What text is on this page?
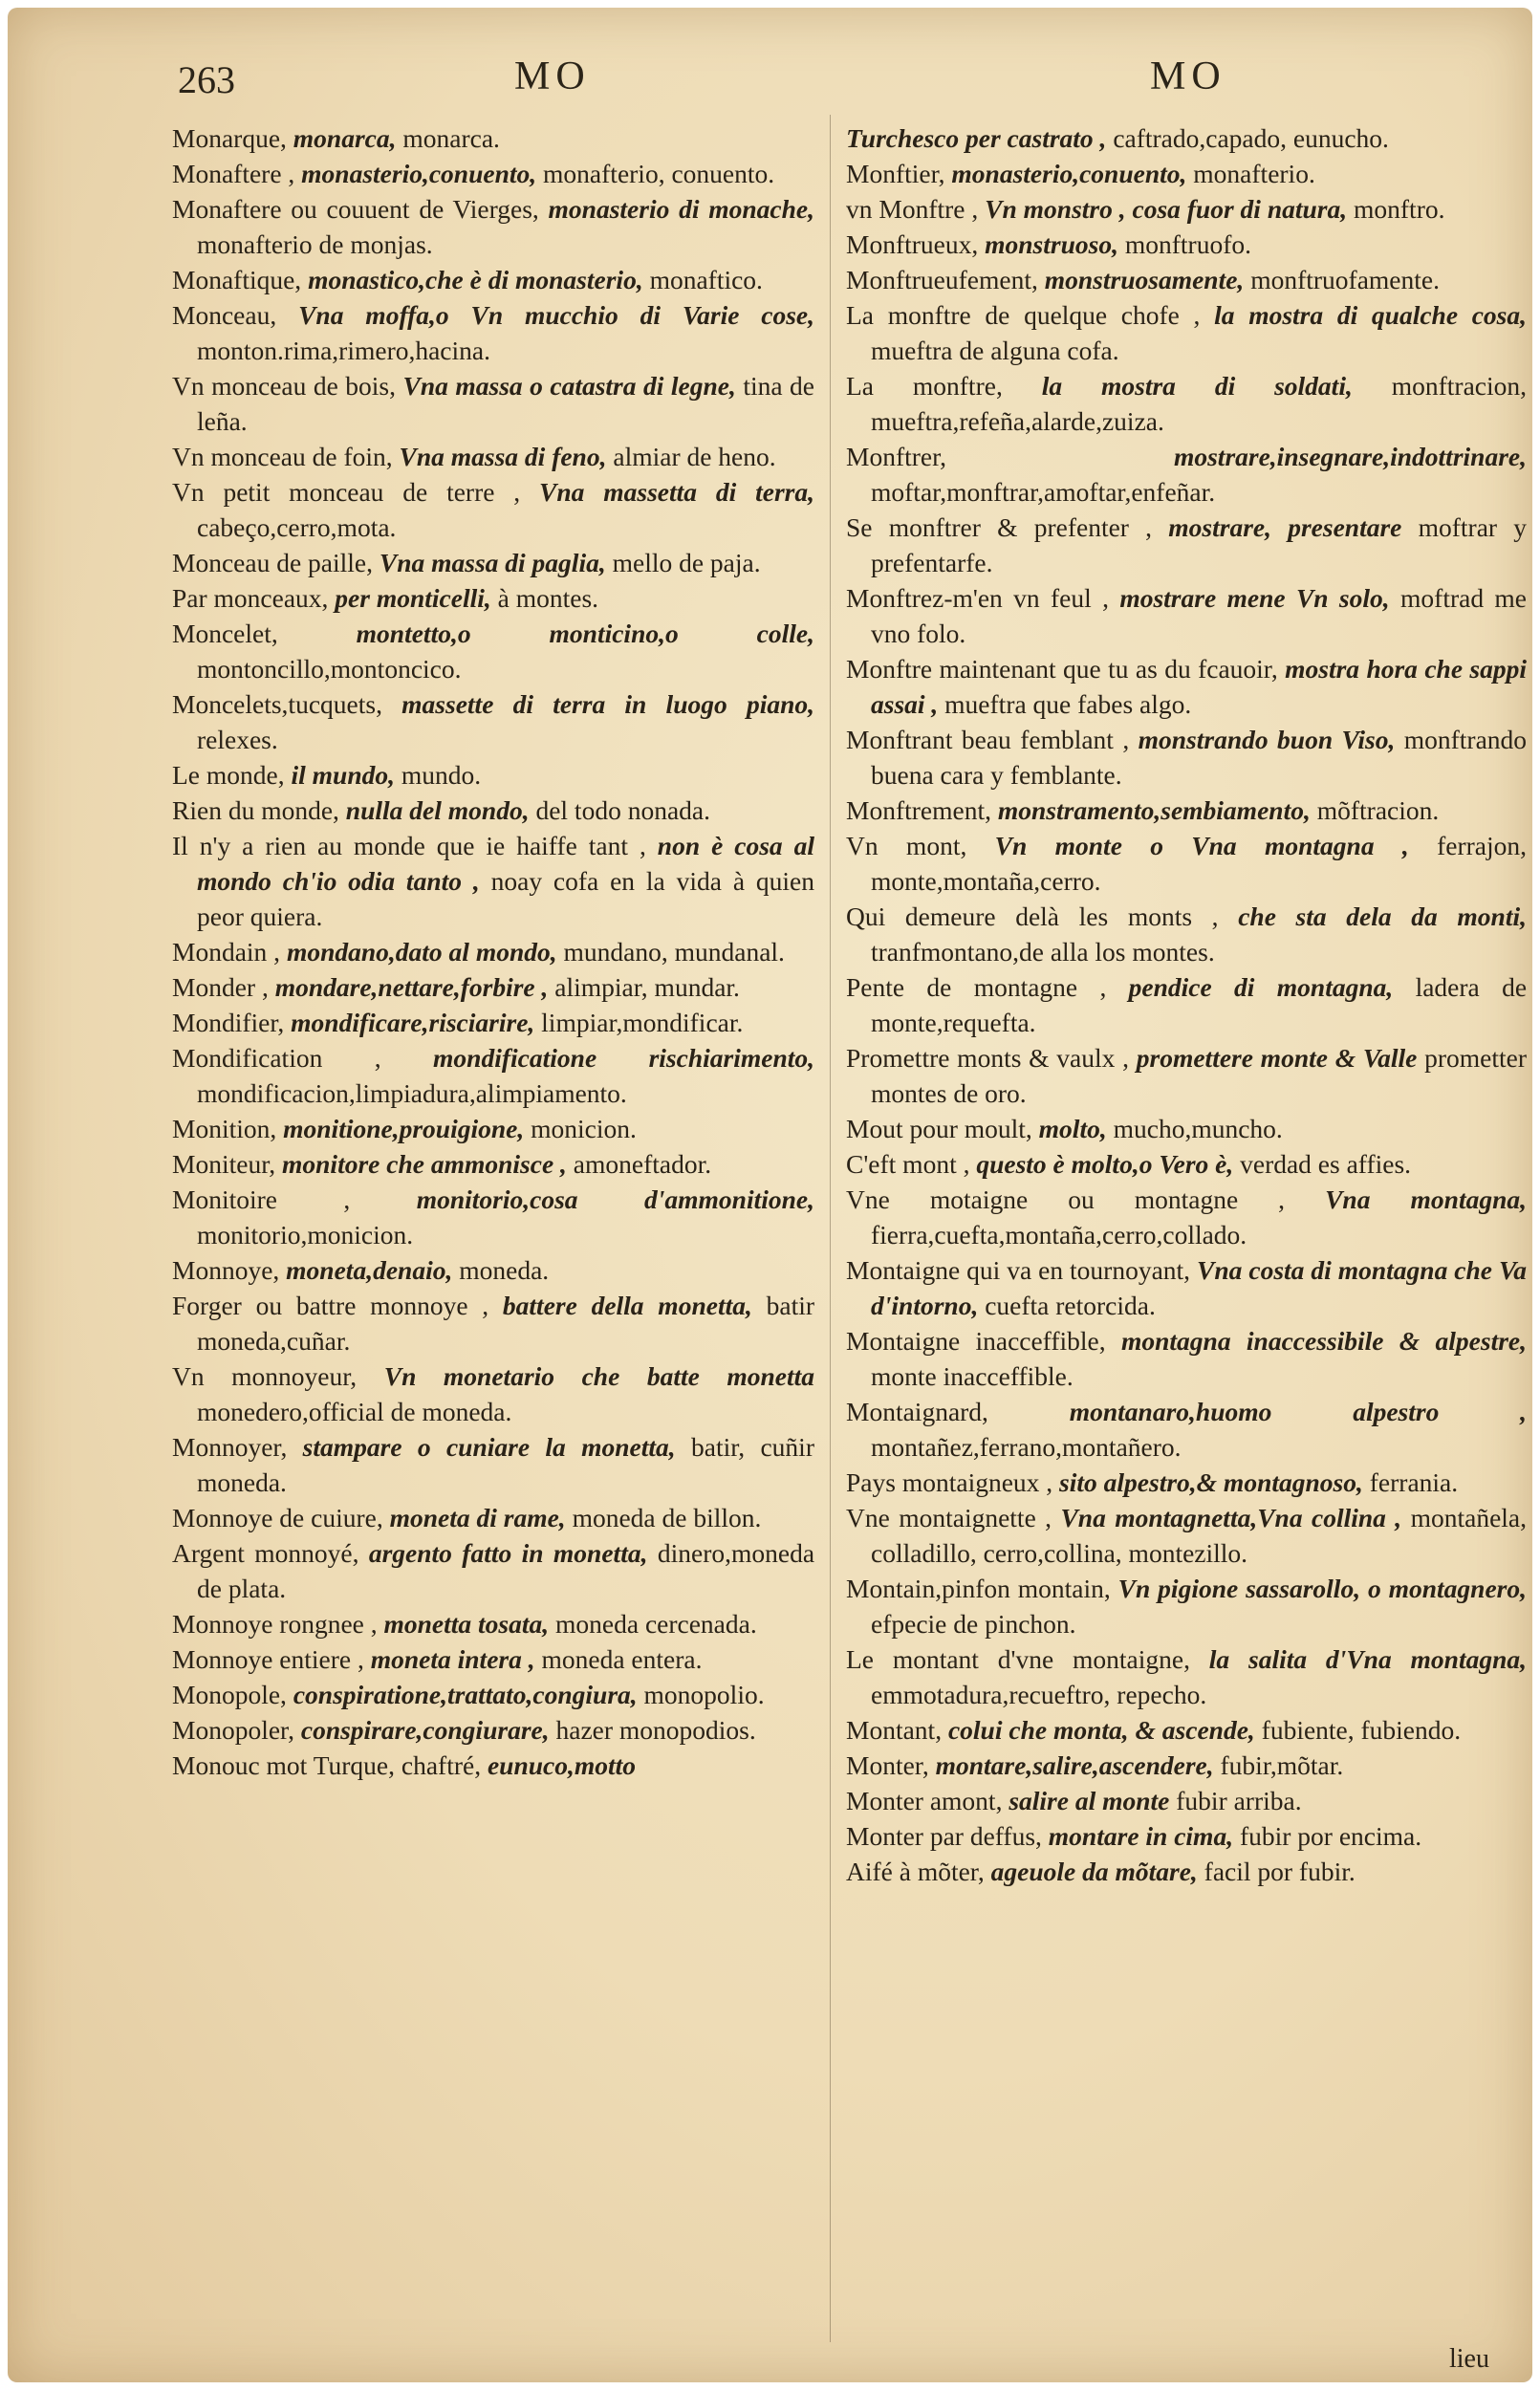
263	MO	MO

Monarque, monarca, monarca.

Monaftere , monasterio,conuento, monafterio, conuento.

Monaftere ou couuent de Vierges, monasterio di monache, monafterio de monjas.

Monaftique, monastico,che è di monasterio, monaftico.

Monceau, Vna moffa,o Vn mucchio di Varie cose, monton.rima,rimero,hacina.

Vn monceau de bois, Vna massa o catastra di legne, tina de leña.

Vn monceau de foin, Vna massa di feno, almiar de heno.

Vn petit monceau de terre , Vna massetta di terra, cabeço,cerro,mota.

Monceau de paille, Vna massa di paglia, mello de paja.

Par monceaux, per monticelli, à montes.

Moncelet,	montetto,o monticino,o colle, montoncillo,montoncico.

Moncelets,tucquets, massette di terra in luogo piano, relexes.

Le monde, il mundo, mundo.

Rien du monde, nulla del mondo, del todo nonada.

Il n'y a rien au monde que ie haiffe tant , non è cosa al mondo ch'io odia tanto , noay cofa en la vida à quien peor quiera.

Mondain , mondano,dato al mondo, mundano, mundanal.

Monder , mondare,nettare,forbire , alimpiar, mundar.

Mondifier, mondificare,risciarire, limpiar,mondificar.

Mondification , mondificatione rischiarimento, mondificacion,limpiadura,alimpiamento.

Monition, monitione,prouigione, monicion.

Moniteur, monitore che ammonisce , amoneftador.

Monitoire ,	monitorio,cosa d'ammonitione, monitorio,monicion.

Monnoye, moneta,denaio, moneda.

Forger ou battre monnoye , battere della monetta, batir moneda,cuñar.

Vn monnoyeur, Vn monetario che batte monetta monedero,official de moneda.

Monnoyer, stampare o cuniare la monetta, batir, cuñir moneda.

Monnoye de cuiure, moneta di rame, moneda de billon.

Argent monnoyé, argento fatto in monetta, dinero,moneda de plata.

Monnoye rongnee , monetta tosata, moneda cercenada.

Monnoye entiere , moneta intera , moneda entera.

Monopole, conspiratione,trattato,congiura, monopolio.

Monopoler, conspirare,congiurare, hazer monopodios.

Monouc mot Turque, chaftré, eunuco,motto

Turchesco per castrato , caftrado,capado, eunucho.

Monftier, monasterio,conuento, monafterio.

vn Monftre , Vn monstro , cosa fuor di natura, monftro.

Monftrueux, monstruoso, monftruofo.

Monftrueufement, monstruosamente, monftruofamente.

La monftre de quelque chofe , la mostra di qualche cosa, mueftra de alguna cofa.

La monftre, la mostra di soldati, monftracion, mueftra,refeña,alarde,zuiza.

Monftrer,	mostrare,insegnare,indottrinare, moftar,monftrar,amoftar,enfeñar.

Se monftrer & prefenter , mostrare, presentare moftrar y prefentarfe.

Monftrez-m'en vn feul , mostrare mene Vn solo, moftrad me vno folo.

Monftre maintenant que tu as du fcauoir, mostra hora che sappi assai , mueftra que fabes algo.

Monftrant beau femblant , monstrando buon Viso, monftrando buena cara y femblante.

Monftrement, monstramento,sembiamento, mõftracion.

Vn mont, Vn monte o Vna montagna , ferrajon, monte,montaña,cerro.

Qui demeure delà les monts , che sta dela da monti, tranfmontano,de alla los montes.

Pente de montagne , pendice di montagna, ladera de monte,requefta.

Promettre monts & vaulx , promettere monte & Valle prometter montes de oro.

Mout pour moult, molto, mucho,muncho.

C'eft mont , questo è molto,o Vero è, verdad es affies.

Vne motaigne ou montagne , Vna montagna, fierra,cuefta,montaña,cerro,collado.

Montaigne qui va en tournoyant, Vna costa di montagna che Va d'intorno, cuefta retorcida.

Montaigne inacceffible, montagna inaccessibile & alpestre, monte inacceffible.

Montaignard,	montanaro,huomo alpestro , montañez,ferrano,montañero.

Pays montaigneux , sito alpestro,& montagnoso, ferrania.

Vne montaignette , Vna montagnetta,Vna collina , montañela, colladillo, cerro,collina, montezillo.

Montain,pinfon montain, Vn pigione sassarollo, o montagnero, efpecie de pinchon.

Le montant d'vne montaigne, la salita d'Vna montagna, emmotadura,recueftro, repecho.

Montant, colui che monta, & ascende, fubiente, fubiendo.

Monter, montare,salire,ascendere, fubir,mõtar.

Monter amont, salire al monte fubir arriba.

Monter par deffus, montare in cima, fubir por encima.

Aifé à mõter, ageuole da mõtare, facil por fubir.

lieu
